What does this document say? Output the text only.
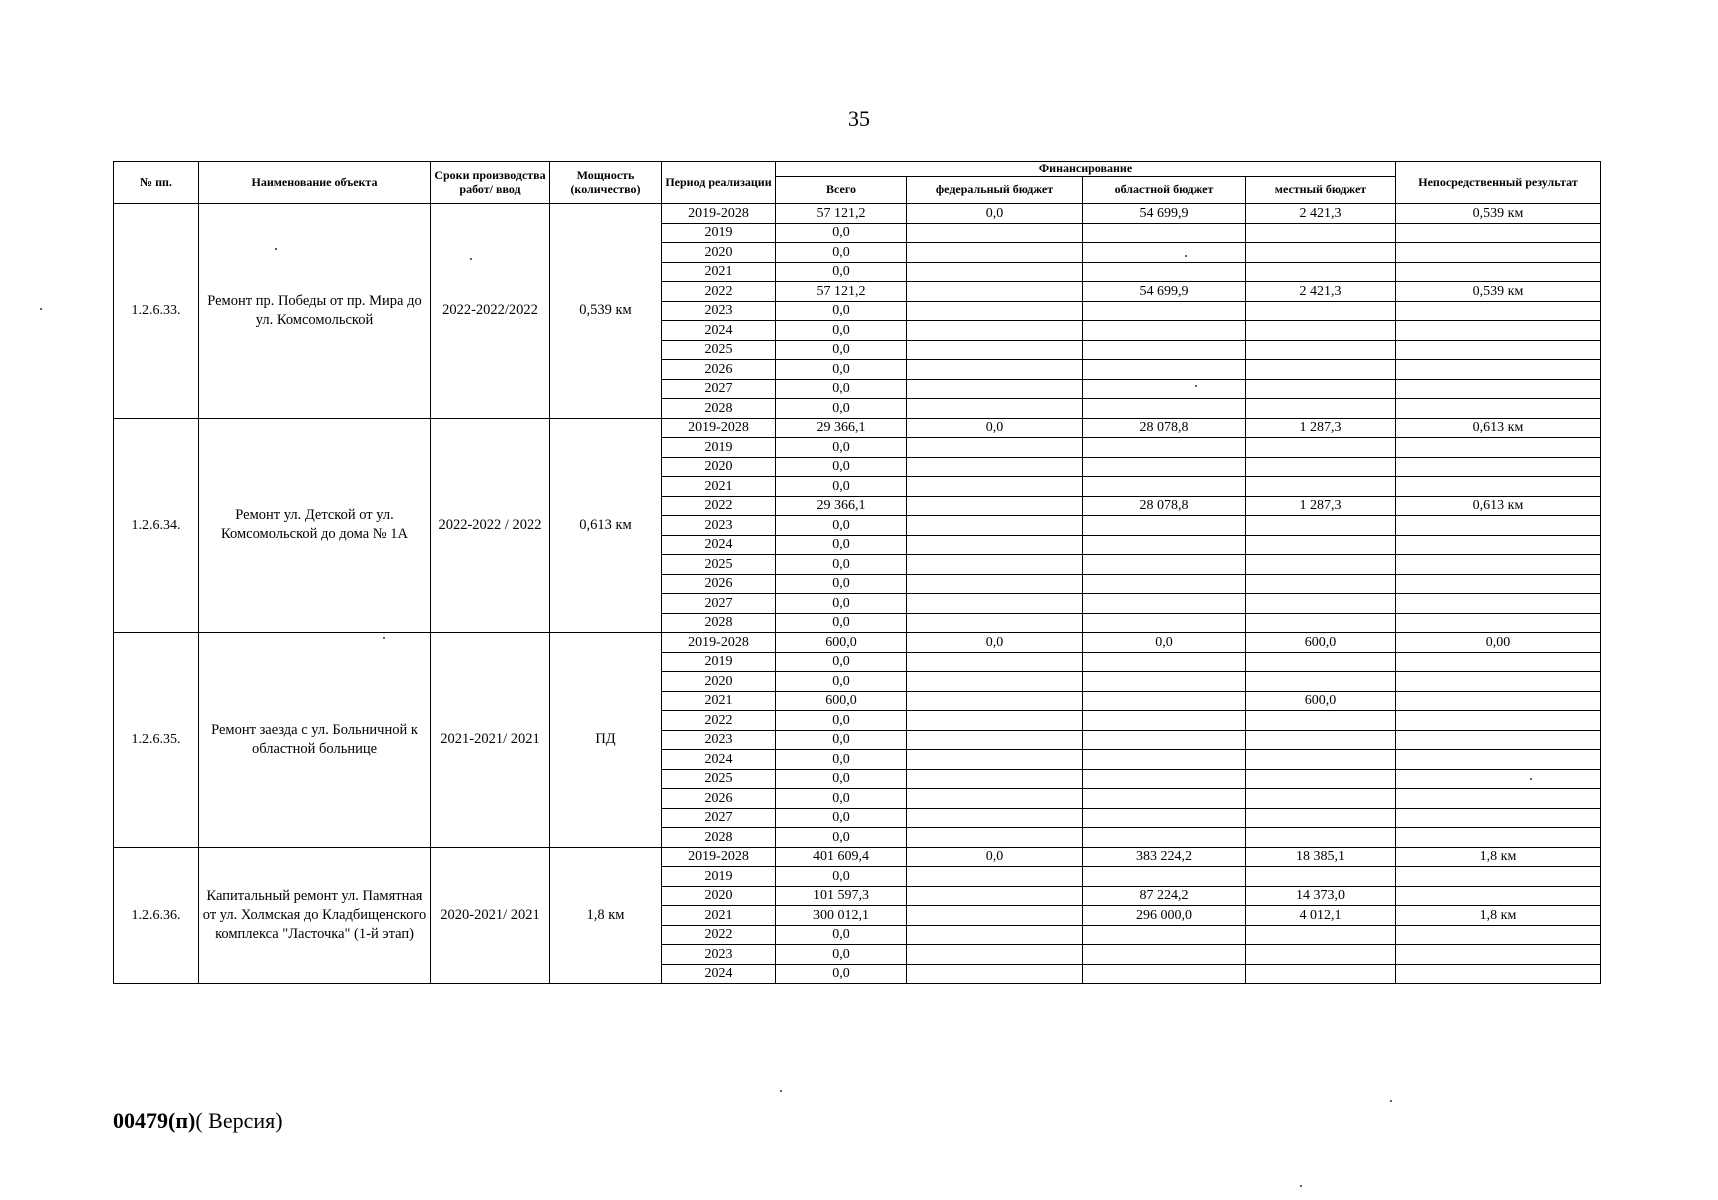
35
№ пп.	Наименование объекта	Сроки производства работ/ ввод	Мощность (количество)	Период реализации	Финансирование				Непосредственный результат
					Всего	федеральный бюджет	областной бюджет	местный бюджет	
1.2.6.33.	Ремонт пр. Победы от пр. Мира до ул. Комсомольской	2022-2022/2022	0,539 км	2019-2028	57 121,2	0,0	54 699,9	2 421,3	0,539 км
				2019	0,0				
				2020	0,0				
				2021	0,0				
				2022	57 121,2		54 699,9	2 421,3	0,539 км
				2023	0,0				
				2024	0,0				
				2025	0,0				
				2026	0,0				
				2027	0,0				
				2028	0,0				
1.2.6.34.	Ремонт ул. Детской от ул. Комсомольской до дома № 1А	2022-2022 / 2022	0,613 км	2019-2028	29 366,1	0,0	28 078,8	1 287,3	0,613 км
				2019	0,0				
				2020	0,0				
				2021	0,0				
				2022	29 366,1		28 078,8	1 287,3	0,613 км
				2023	0,0				
				2024	0,0				
				2025	0,0				
				2026	0,0				
				2027	0,0				
				2028	0,0				
1.2.6.35.	Ремонт заезда с ул. Больничной к областной больнице	2021-2021/ 2021	ПД	2019-2028	600,0	0,0	0,0	600,0	0,00
				2019	0,0				
				2020	0,0				
				2021	600,0			600,0	
				2022	0,0				
				2023	0,0				
				2024	0,0				
				2025	0,0				
				2026	0,0				
				2027	0,0				
				2028	0,0				
1.2.6.36.	Капитальный ремонт ул. Памятная от ул. Холмская до Кладбищенского комплекса "Ласточка" (1-й этап)	2020-2021/ 2021	1,8 км	2019-2028	401 609,4	0,0	383 224,2	18 385,1	1,8 км
				2019	0,0				
				2020	101 597,3		87 224,2	14 373,0	
				2021	300 012,1		296 000,0	4 012,1	1,8 км
				2022	0,0				
				2023	0,0				
				2024	0,0				
00479(п)( Версия)
